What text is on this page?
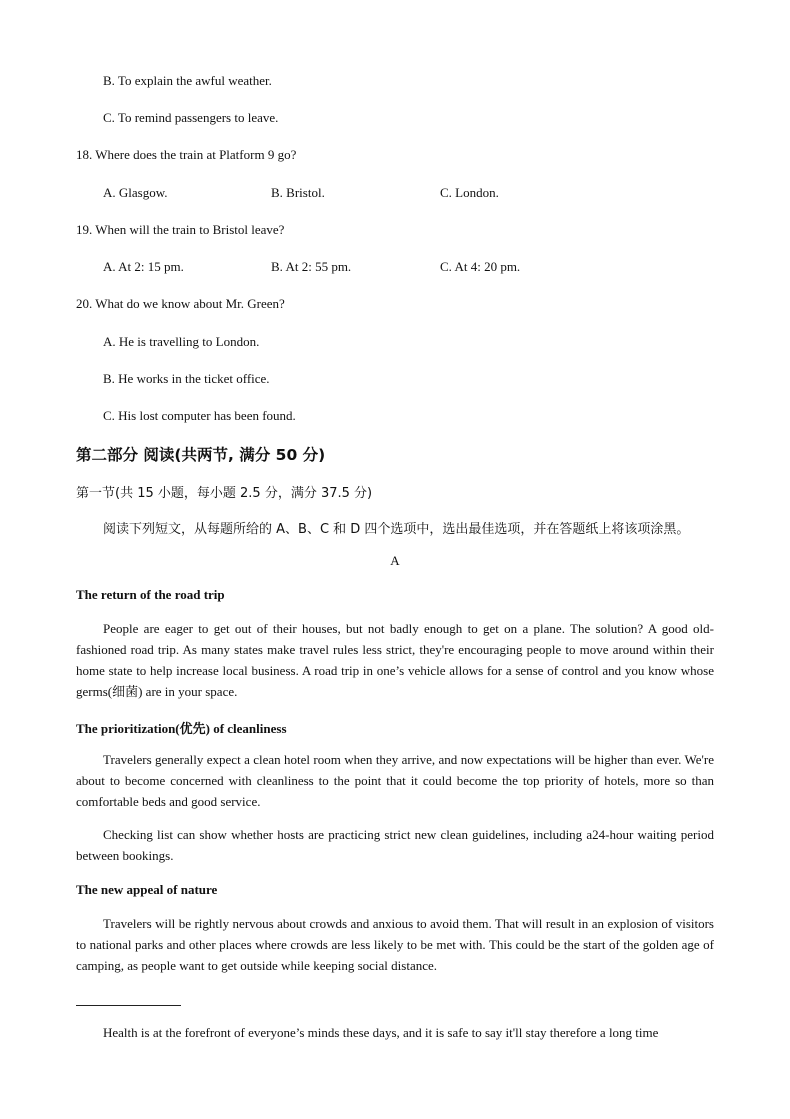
B. To explain the awful weather.
C. To remind passengers to leave.
18. Where does the train at Platform 9 go?
A. Glasgow.	B. Bristol.	C. London.
19. When will the train to Bristol leave?
A. At 2: 15 pm.	B. At 2: 55 pm.	C. At 4: 20 pm.
20. What do we know about Mr. Green?
A. He is travelling to London.
B. He works in the ticket office.
C. His lost computer has been found.
第二部分 阅读(共两节, 满分 50 分)
第一节(共 15 小题，每小题 2.5 分，满分 37.5 分)
阅读下列短文，从每题所给的 A、B、C 和 D 四个选项中，选出最佳选项，并在答题纸上将该项涂黑。
A
The return of the road trip
People are eager to get out of their houses, but not badly enough to get on a plane. The solution? A good old-fashioned road trip. As many states make travel rules less strict, they're encouraging people to move around within their home state to help increase local business. A road trip in one’s vehicle allows for a sense of control and you know whose germs(细菌) are in your space.
The prioritization(优先) of cleanliness
Travelers generally expect a clean hotel room when they arrive, and now expectations will be higher than ever. We're about to become concerned with cleanliness to the point that it could become the top priority of hotels, more so than comfortable beds and good service.
Checking list can show whether hosts are practicing strict new clean guidelines, including a24-hour waiting period between bookings.
The new appeal of nature
Travelers will be rightly nervous about crowds and anxious to avoid them. That will result in an explosion of visitors to national parks and other places where crowds are less likely to be met with. This could be the start of the golden age of camping, as people want to get outside while keeping social distance.
Health is at the forefront of everyone’s minds these days, and it is safe to say it'll stay therefore a long time
